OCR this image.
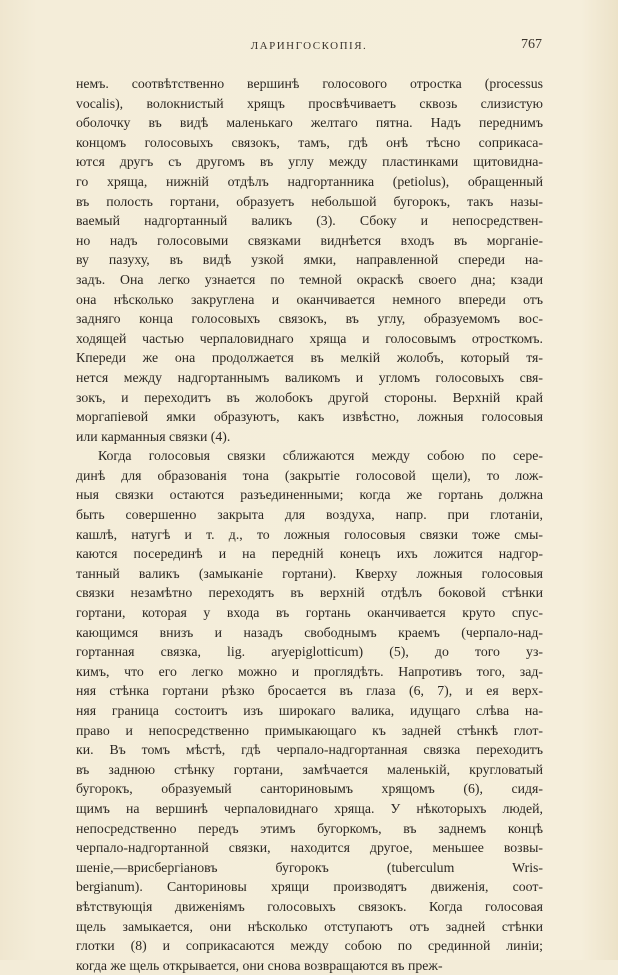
ЛАРИНГОСКОПІЯ.	767
немъ. соотвѣтственно вершинѣ голосового отростка (processus
vocalis), волокнистый хрящъ просвѣчиваетъ сквозь слизистую
оболочку въ видѣ маленькаго желтаго пятна. Надъ переднимъ
концомъ голосовыхъ связокъ, тамъ, гдѣ онѣ тѣсно соприкаса-
ются другъ съ другомъ въ углу между пластинками щитовидна-
го хряща, нижній отдѣлъ надгортанника (petiolus), обращенный
въ полость гортани, образуетъ небольшой бугорокъ, такъ назы-
ваемый надгортанный валикъ (3). Сбоку и непосредствен-
но надъ голосовыми связками виднѣется входъ въ морганіе-
ву пазуху, въ видѣ узкой ямки, направленной спереди на-
задъ. Она легко узнается по темной окраскѣ своего дна; кзади
она нѣсколько закруглена и оканчивается немного впереди отъ
задняго конца голосовыхъ связокъ, въ углу, образуемомъ вос-
ходящей частью черпаловиднаго хряща и голосовымъ отросткомъ.
Кпереди же она продолжается въ мелкій жолобъ, который тя-
нется между надгортаннымъ валикомъ и угломъ голосовыхъ свя-
зокъ, и переходитъ въ жолобокъ другой стороны. Верхній край
моргапіевой ямки образуютъ, какъ извѣстно, ложныя голосовыя
или карманныя связки (4).
Когда голосовыя связки сближаются между собою по сере-
динѣ для образованія тона (закрытіе голосовой щели), то лож-
ныя связки остаются разъединенными; когда же гортань должна
быть совершенно закрыта для воздуха, напр. при глотаніи,
кашлѣ, натугѣ и т. д., то ложныя голосовыя связки тоже смы-
каются посерединѣ и на передній конецъ ихъ ложится надгор-
танный валикъ (замыканіе гортани). Кверху ложныя голосовыя
связки незамѣтно переходятъ въ верхній отдѣлъ боковой стѣнки
гортани, которая у входа въ гортань оканчивается круто спус-
кающимся внизъ и назадъ свободнымъ краемъ (черпало-над-
гортанная связка, lig. aryepiglotticum) (5), до того уз-
кимъ, что его легко можно и проглядѣть. Напротивъ того, зад-
няя стѣнка гортани рѣзко бросается въ глаза (6, 7), и ея верх-
няя граница состоитъ изъ широкаго валика, идущаго слѣва на-
право и непосредственно примыкающаго къ задней стѣнкѣ глот-
ки. Въ томъ мѣстѣ, гдѣ черпало-надгортанная связка переходитъ
въ заднюю стѣнку гортани, замѣчается маленькій, кругловатый
бугорокъ, образуемый санториновымъ хрящомъ (6), сидя-
щимъ на вершинѣ черпаловиднаго хряща. У нѣкоторыхъ людей,
непосредственно передъ этимъ бугоркомъ, въ заднемъ концѣ
черпало-надгортанной связки, находится другое, меньшее возвы-
шеніе,—врисбергіановъ бугорокъ (tuberculum Wris-
bergianum). Санториновы хрящи производятъ движенія, соот-
вѣтствующія движеніямъ голосовыхъ связокъ. Когда голосовая
щель замыкается, они нѣсколько отступаютъ отъ задней стѣнки
глотки (8) и соприкасаются между собою по срединной линіи;
когда же щель открывается, они снова возвращаются въ преж-
